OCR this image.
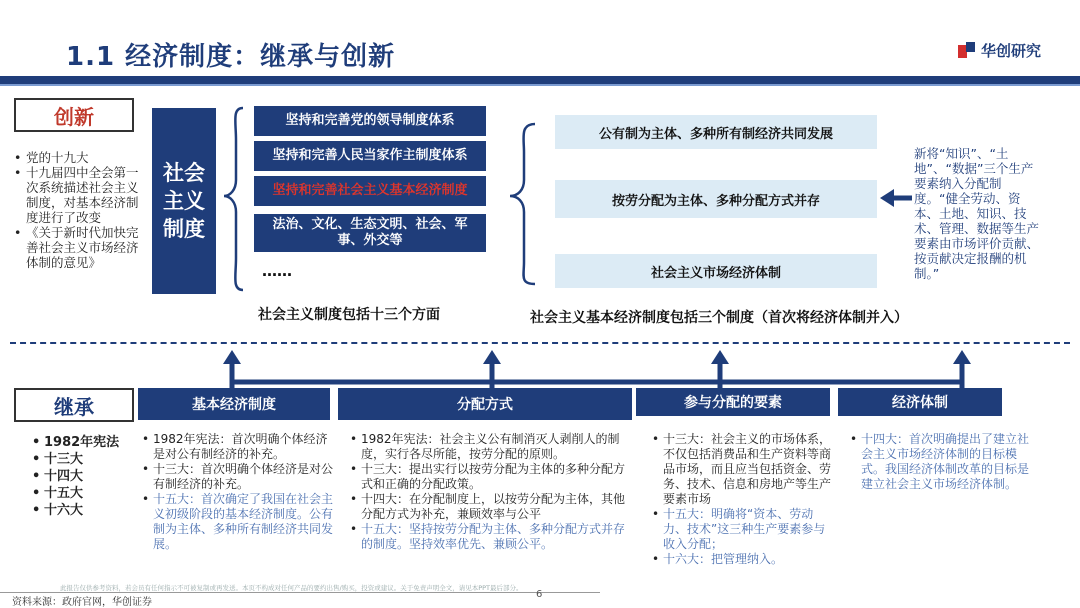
1.1 经济制度：继承与创新	华创研究
创新
• 党的十九大
• 十九届四中全会第一次系统描述社会主义制度，对基本经济制度进行了改变
• 《关于新时代加快完善社会主义市场经济体制的意见》
社会主义制度
坚持和完善党的领导制度体系
坚持和完善人民当家作主制度体系
坚持和完善社会主义基本经济制度
法治、文化、生态文明、社会、军事、外交等
……
社会主义制度包括十三个方面
公有制为主体、多种所有制经济共同发展
按劳分配为主体、多种分配方式并存
社会主义市场经济体制
社会主义基本经济制度包括三个制度（首次将经济体制并入）
新将“知识”、“土地”、“数据”三个生产要素纳入分配制度。“健全劳动、资本、土地、知识、技术、管理、数据等生产要素由市场评价贡献、按贡献决定报酬的机制。”
继承
• 1982年宪法
• 十三大
• 十四大
• 十五大
• 十六大
基本经济制度	分配方式	参与分配的要素	经济体制
• 1982年宪法：首次明确个体经济是对公有制经济的补充。
• 十三大：首次明确个体经济是对公有制经济的补充。
• 十五大：首次确定了我国在社会主义初级阶段的基本经济制度。公有制为主体、多种所有制经济共同发展。
• 1982年宪法：社会主义公有制消灭人剥削人的制度，实行各尽所能，按劳分配的原则。
• 十三大：提出实行以按劳分配为主体的多种分配方式和正确的分配政策。
• 十四大：在分配制度上，以按劳分配为主体，其他分配方式为补充，兼顾效率与公平
• 十五大：坚持按劳分配为主体、多种分配方式并存的制度。坚持效率优先、兼顾公平。
• 十三大：社会主义的市场体系，不仅包括消费品和生产资料等商品市场，而且应当包括资金、劳务、技术、信息和房地产等生产要素市场
• 十五大：明确将“资本、劳动力、技术”这三种生产要素参与收入分配；
• 十六大：把管理纳入。
• 十四大：首次明确提出了建立社会主义市场经济体制的目标模式。我国经济体制改革的目标是建立社会主义市场经济体制。
此报告仅供参考资料，若会员有任何指示不可被复制或再发送。本页不构成对任何产品的要约出售/购买，投资或建议。关于免责声明全文，请见本PPT最后部分。
资料来源：政府官网，华创证券
6
